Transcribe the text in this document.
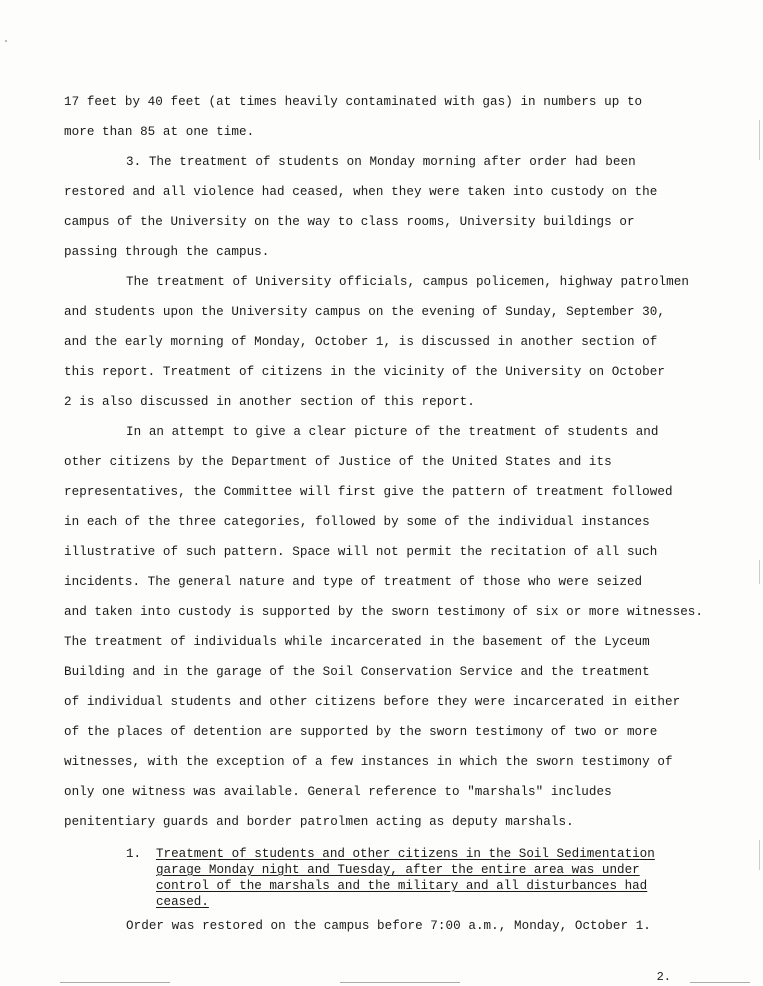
17 feet by 40 feet (at times heavily contaminated with gas) in numbers up to
more than 85 at one time.
3. The treatment of students on Monday morning after order had been
restored and all violence had ceased, when they were taken into custody on the
campus of the University on the way to class rooms, University buildings or
passing through the campus.
The treatment of University officials, campus policemen, highway patrolmen
and students upon the University campus on the evening of Sunday, September 30,
and the early morning of Monday, October 1, is discussed in another section of
this report. Treatment of citizens in the vicinity of the University on October
2 is also discussed in another section of this report.
In an attempt to give a clear picture of the treatment of students and
other citizens by the Department of Justice of the United States and its
representatives, the Committee will first give the pattern of treatment followed
in each of the three categories, followed by some of the individual instances
illustrative of such pattern. Space will not permit the recitation of all such
incidents. The general nature and type of treatment of those who were seized
and taken into custody is supported by the sworn testimony of six or more witnesses.
The treatment of individuals while incarcerated in the basement of the Lyceum
Building and in the garage of the Soil Conservation Service and the treatment
of individual students and other citizens before they were incarcerated in either
of the places of detention are supported by the sworn testimony of two or more
witnesses, with the exception of a few instances in which the sworn testimony of
only one witness was available. General reference to "marshals" includes
penitentiary guards and border patrolmen acting as deputy marshals.
1. Treatment of students and other citizens in the Soil Sedimentation
garage Monday night and Tuesday, after the entire area was under
control of the marshals and the military and all disturbances had
ceased.
Order was restored on the campus before 7:00 a.m., Monday, October 1.
2.
